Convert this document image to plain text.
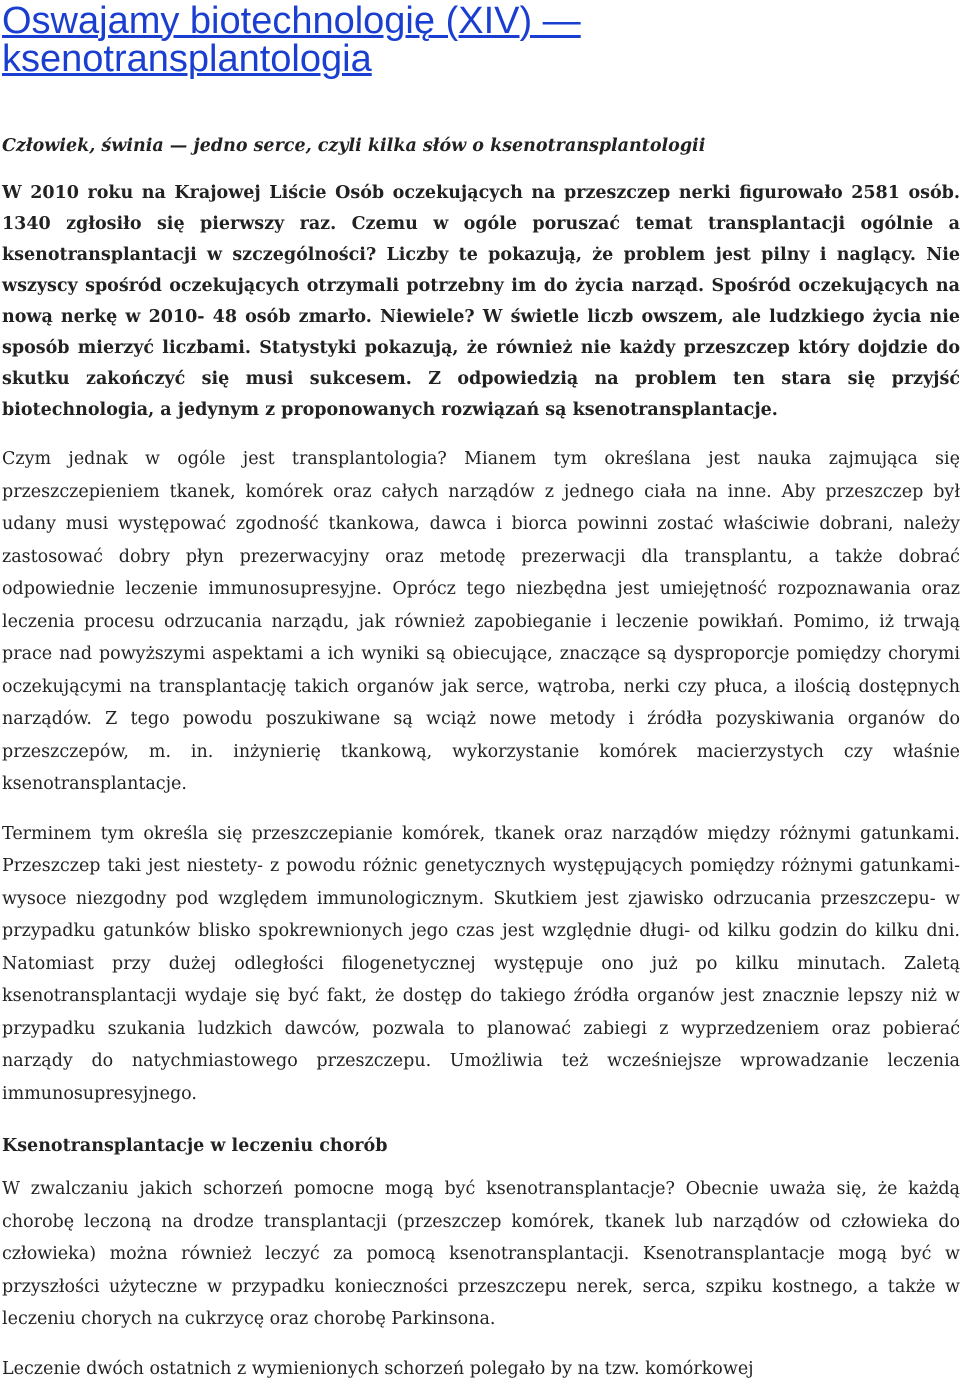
Oswajamy biotechnologię (XIV) — ksenotransplantologia
Człowiek, świnia — jedno serce, czyli kilka słów o ksenotransplantologii

W 2010 roku na Krajowej Liście Osób oczekujących na przeszczep nerki figurowało 2581 osób. 1340 zgłosiło się pierwszy raz. Czemu w ogóle poruszać temat transplantacji ogólnie a ksenotransplantacji w szczególności? Liczby te pokazują, że problem jest pilny i naglący. Nie wszyscy spośród oczekujących otrzymali potrzebny im do życia narząd. Spośród oczekujących na nową nerkę w 2010- 48 osób zmarło. Niewiele? W świetle liczb owszem, ale ludzkiego życia nie sposób mierzyć liczbami. Statystyki pokazują, że również nie każdy przeszczep który dojdzie do skutku zakończyć się musi sukcesem. Z odpowiedzią na problem ten stara się przyjść biotechnologia, a jedynym z proponowanych rozwiązań są ksenotransplantacje.

Czym jednak w ogóle jest transplantologia? Mianem tym określana jest nauka zajmująca się przeszczepieniem tkanek, komórek oraz całych narządów z jednego ciała na inne. Aby przeszczep był udany musi występować zgodność tkankowa, dawca i biorca powinni zostać właściwie dobrani, należy zastosować dobry płyn prezerwacyjny oraz metodę prezerwacji dla transplantu, a także dobrać odpowiednie leczenie immunosupresyjne. Oprócz tego niezbędna jest umiejętność rozpoznawania oraz leczenia procesu odrzucania narządu, jak również zapobieganie i leczenie powikłań. Pomimo, iż trwają prace nad powyższymi aspektami a ich wyniki są obiecujące, znaczące są dysproporcje pomiędzy chorymi oczekującymi na transplantację takich organów jak serce, wątroba, nerki czy płuca, a ilością dostępnych narządów. Z tego powodu poszukiwane są wciąż nowe metody i źródła pozyskiwania organów do przeszczepów, m. in. inżynierię tkankową, wykorzystanie komórek macierzystych czy właśnie ksenotransplantacje.

Terminem tym określa się przeszczepianie komórek, tkanek oraz narządów między różnymi gatunkami. Przeszczep taki jest niestety- z powodu różnic genetycznych występujących pomiędzy różnymi gatunkami- wysoce niezgodny pod względem immunologicznym. Skutkiem jest zjawisko odrzucania przeszczepu- w przypadku gatunków blisko spokrewnionych jego czas jest względnie długi- od kilku godzin do kilku dni. Natomiast przy dużej odległości filogenetycznej występuje ono już po kilku minutach. Zaletą ksenotransplantacji wydaje się być fakt, że dostęp do takiego źródła organów jest znacznie lepszy niż w przypadku szukania ludzkich dawców, pozwala to planować zabiegi z wyprzedzeniem oraz pobierać narządy do natychmiastowego przeszczepu. Umożliwia też wcześniejsze wprowadzanie leczenia immunosupresyjnego.

Ksenotransplantacje w leczeniu chorób

W zwalczaniu jakich schorzeń pomocne mogą być ksenotransplantacje? Obecnie uważa się, że każdą chorobę leczoną na drodze transplantacji (przeszczep komórek, tkanek lub narządów od człowieka do człowieka) można również leczyć za pomocą ksenotransplantacji. Ksenotransplantacje mogą być w przyszłości użyteczne w przypadku konieczności przeszczepu nerek, serca, szpiku kostnego, a także w leczeniu chorych na cukrzycę oraz chorobę Parkinsona.

Leczenie dwóch ostatnich z wymienionych schorzeń polegało by na tzw. komórkowej
